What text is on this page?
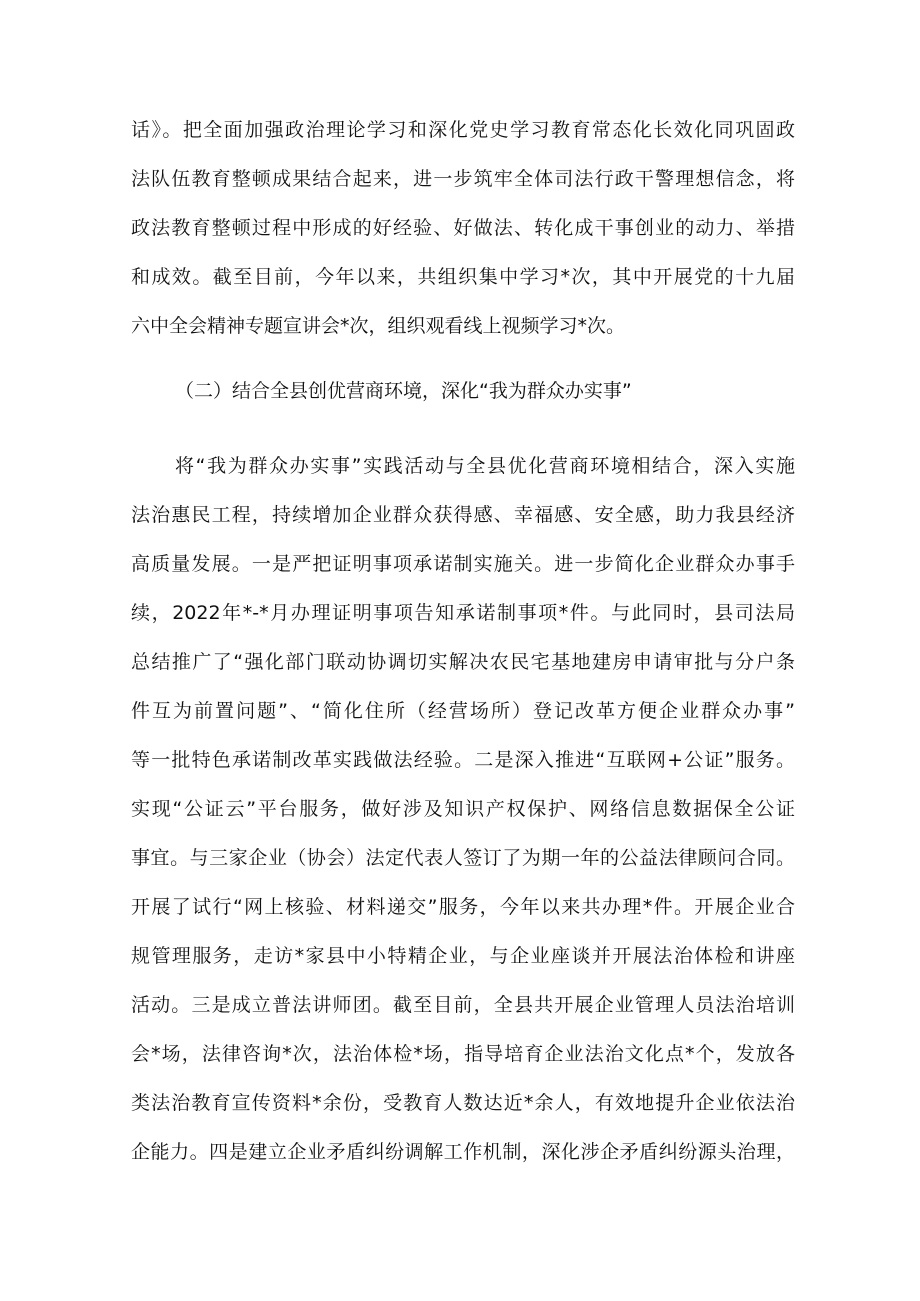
话》。把全面加强政治理论学习和深化党史学习教育常态化长效化同巩固政
法队伍教育整顿成果结合起来，进一步筑牢全体司法行政干警理想信念，将
政法教育整顿过程中形成的好经验、好做法、转化成干事创业的动力、举措
和成效。截至目前，今年以来，共组织集中学习*次，其中开展党的十九届
六中全会精神专题宣讲会*次，组织观看线上视频学习*次。
（二）结合全县创优营商环境，深化“我为群众办实事”
将“我为群众办实事”实践活动与全县优化营商环境相结合，深入实施
法治惠民工程，持续增加企业群众获得感、幸福感、安全感，助力我县经济
高质量发展。一是严把证明事项承诺制实施关。进一步简化企业群众办事手
续，2022年*-*月办理证明事项告知承诺制事项*件。与此同时，县司法局
总结推广了“强化部门联动协调切实解决农民宅基地建房申请审批与分户条
件互为前置问题”、“简化住所（经营场所）登记改革方便企业群众办事”
等一批特色承诺制改革实践做法经验。二是深入推进“互联网+公证”服务。
实现“公证云”平台服务，做好涉及知识产权保护、网络信息数据保全公证
事宜。与三家企业（协会）法定代表人签订了为期一年的公益法律顾问合同。
开展了试行“网上核验、材料递交”服务，今年以来共办理*件。开展企业合
规管理服务，走访*家县中小特精企业，与企业座谈并开展法治体检和讲座
活动。三是成立普法讲师团。截至目前，全县共开展企业管理人员法治培训
会*场，法律咨询*次，法治体检*场，指导培育企业法治文化点*个，发放各
类法治教育宣传资料*余份，受教育人数达近*余人，有效地提升企业依法治
企能力。四是建立企业矛盾纠纷调解工作机制，深化涉企矛盾纠纷源头治理，
